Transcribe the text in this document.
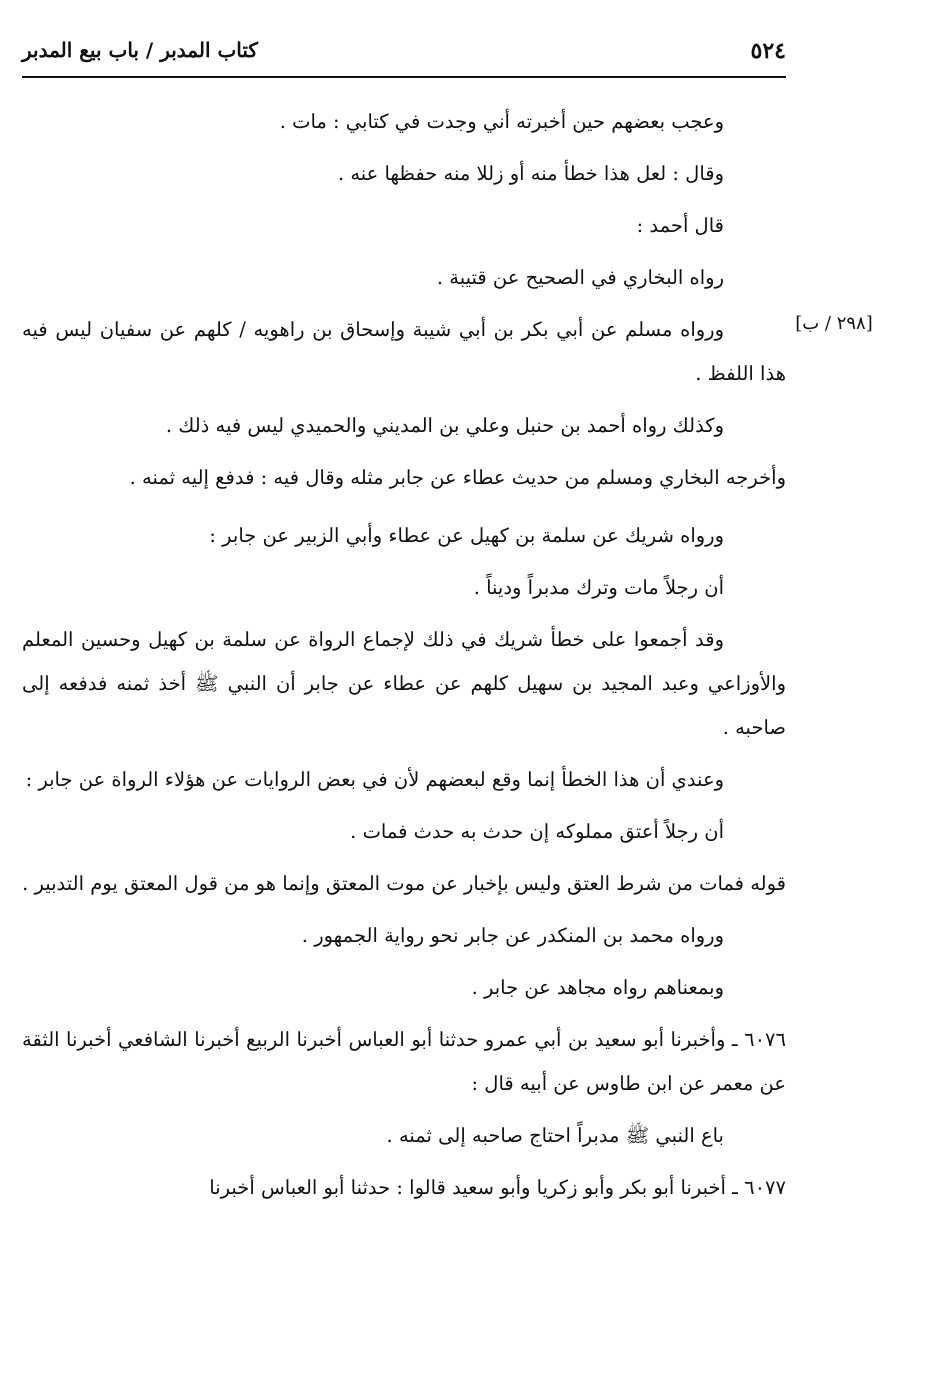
كتاب المدبر / باب بيع المدبر	٥٢٤
[٢٩٨ / ب]

وعجب بعضهم حين أخبرته أني وجدت في كتابي : مات .

وقال : لعل هذا خطأ منه أو زللا منه حفظها عنه .

قال أحمد :

رواه البخاري في الصحيح عن قتيبة .

ورواه مسلم عن أبي بكر بن أبي شيبة وإسحاق بن راهويه / كلهم عن سفيان ليس فيه هذا اللفظ .

وكذلك رواه أحمد بن حنبل وعلي بن المديني والحميدي ليس فيه ذلك .

وأخرجه البخاري ومسلم من حديث عطاء عن جابر مثله وقال فيه : فدفع إليه ثمنه .

ورواه شريك عن سلمة بن كهيل عن عطاء وأبي الزبير عن جابر :

أن رجلاً مات وترك مدبراً وديناً .

وقد أجمعوا على خطأ شريك في ذلك لإجماع الرواة عن سلمة بن كهيل وحسين المعلم والأوزاعي وعبد المجيد بن سهيل كلهم عن عطاء عن جابر أن النبي ﷺ أخذ ثمنه فدفعه إلى صاحبه .

وعندي أن هذا الخطأ إنما وقع لبعضهم لأن في بعض الروايات عن هؤلاء الرواة عن جابر :

أن رجلاً أعتق مملوكه إن حدث به حدث فمات .

قوله فمات من شرط العتق وليس بإخبار عن موت المعتق وإنما هو من قول المعتق يوم التدبير .

ورواه محمد بن المنكدر عن جابر نحو رواية الجمهور .

وبمعناهم رواه مجاهد عن جابر .

٦٠٧٦ ـ وأخبرنا أبو سعيد بن أبي عمرو حدثنا أبو العباس أخبرنا الربيع أخبرنا الشافعي أخبرنا الثقة عن معمر عن ابن طاوس عن أبيه قال :

باع النبي ﷺ مدبراً احتاج صاحبه إلى ثمنه .

٦٠٧٧ ـ أخبرنا أبو بكر وأبو زكريا وأبو سعيد قالوا : حدثنا أبو العباس أخبرنا
